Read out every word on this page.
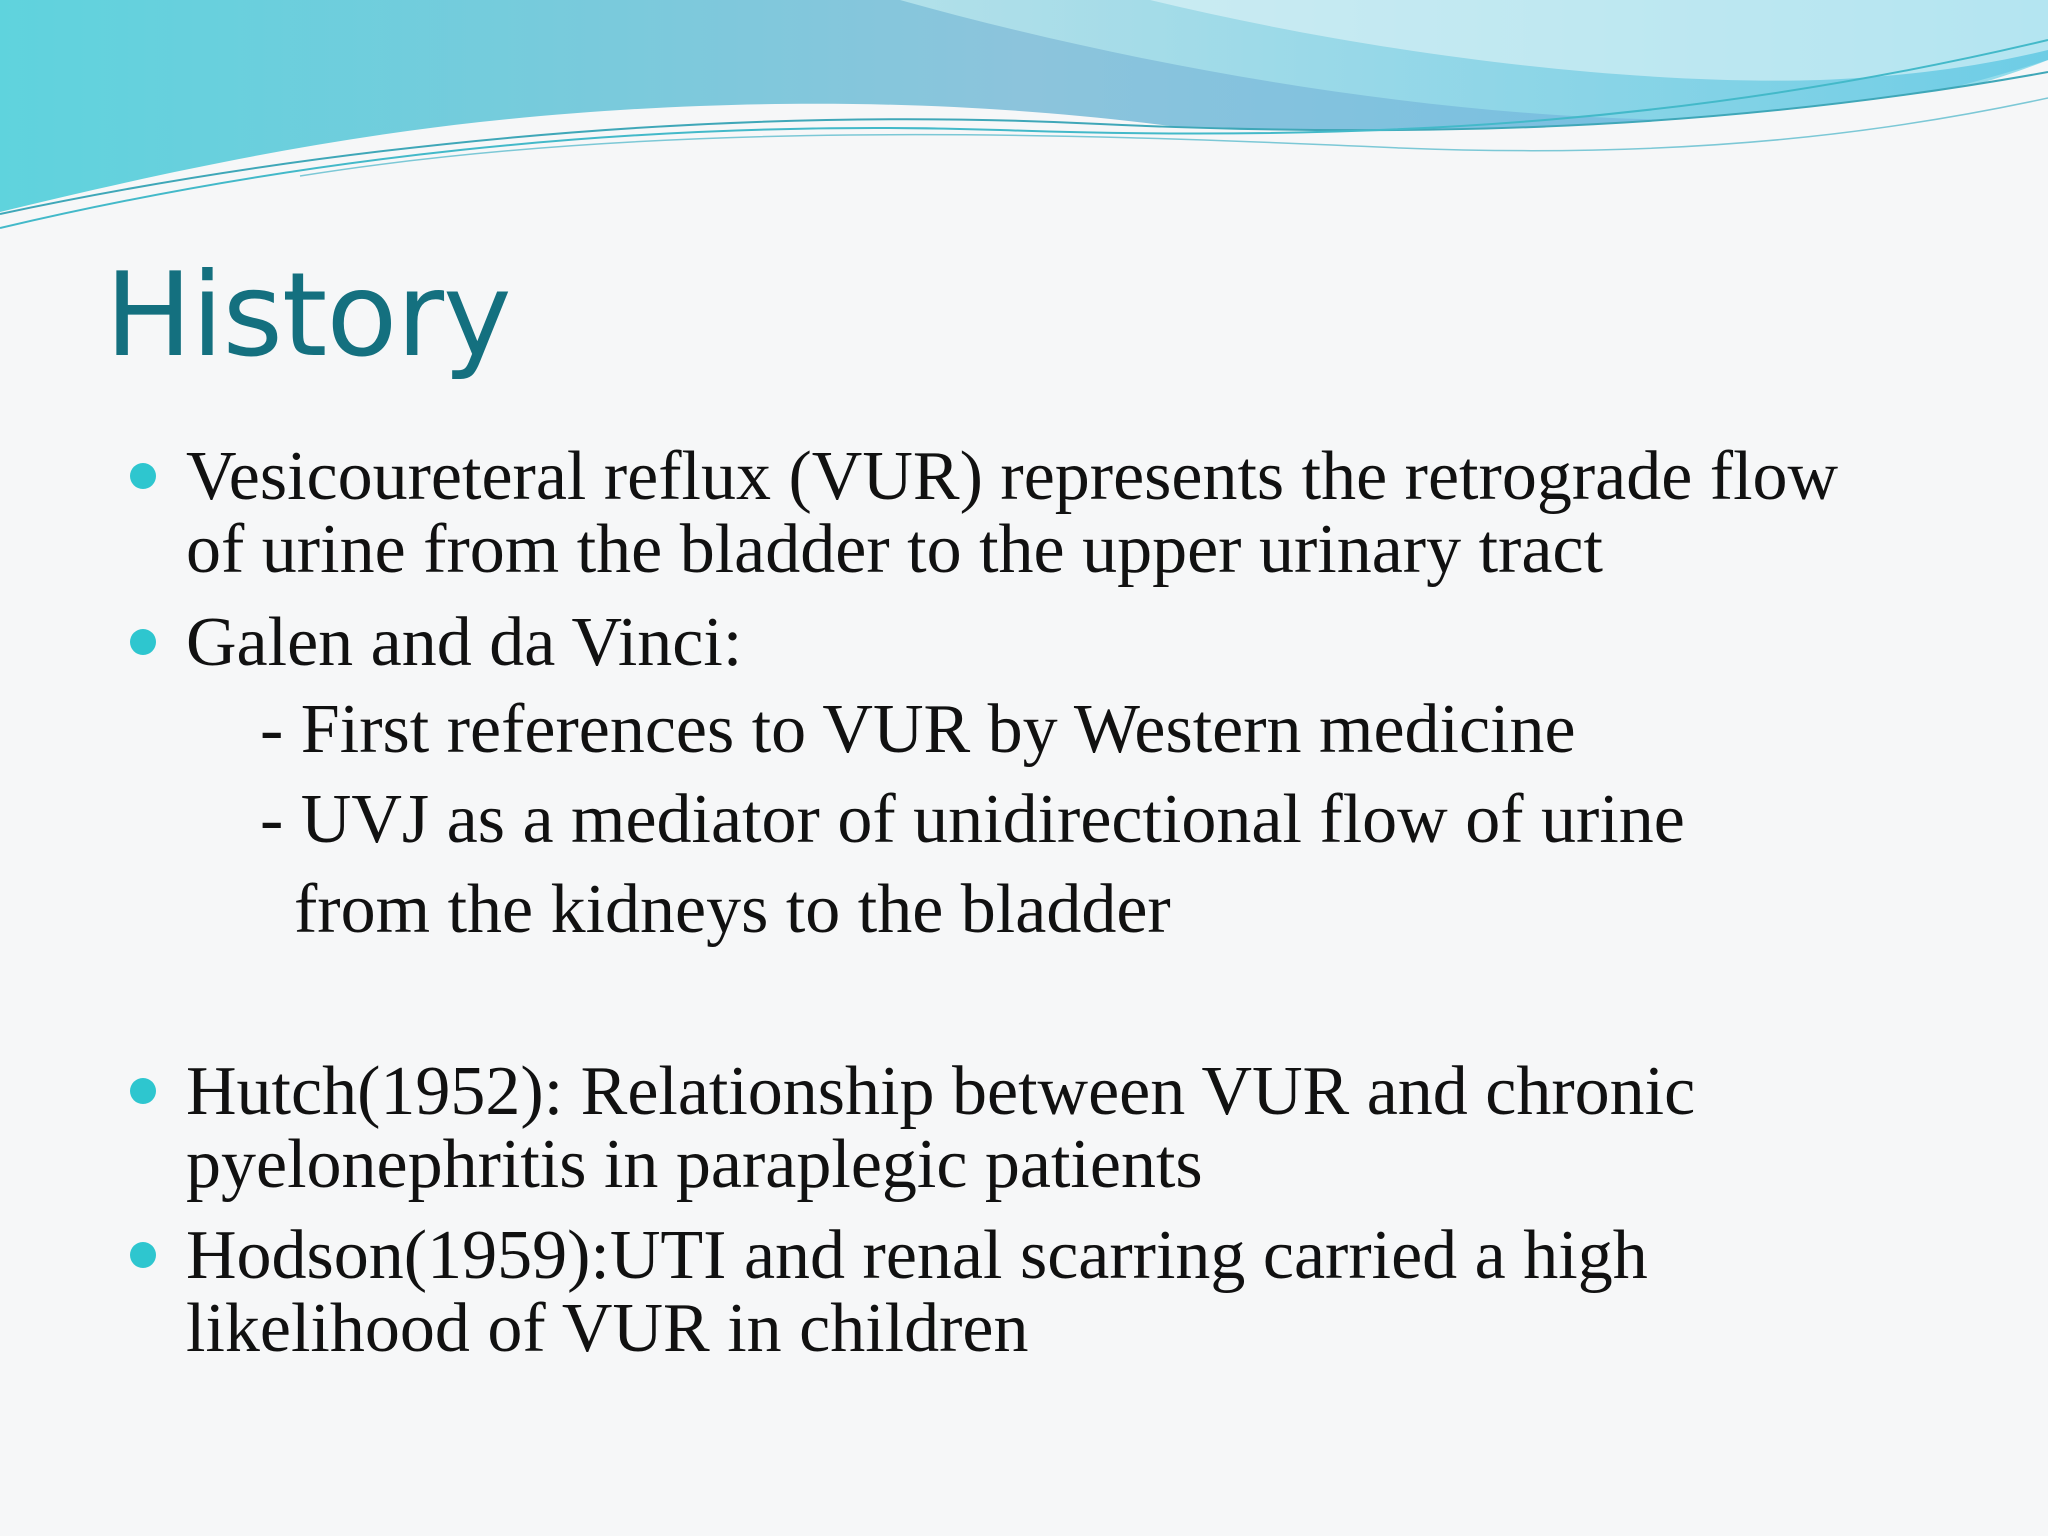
History

Vesicoureteral reflux (VUR) represents the retrograde flow

of urine from the bladder to the upper urinary tract

Galen and da Vinci:

- First references to VUR by Western medicine

- UVJ as a mediator of unidirectional flow of urine

from the kidneys to the bladder

Hutch(1952): Relationship between VUR and chronic

pyelonephritis in paraplegic patients

Hodson(1959):UTI and renal scarring carried a high

likelihood of VUR in children
